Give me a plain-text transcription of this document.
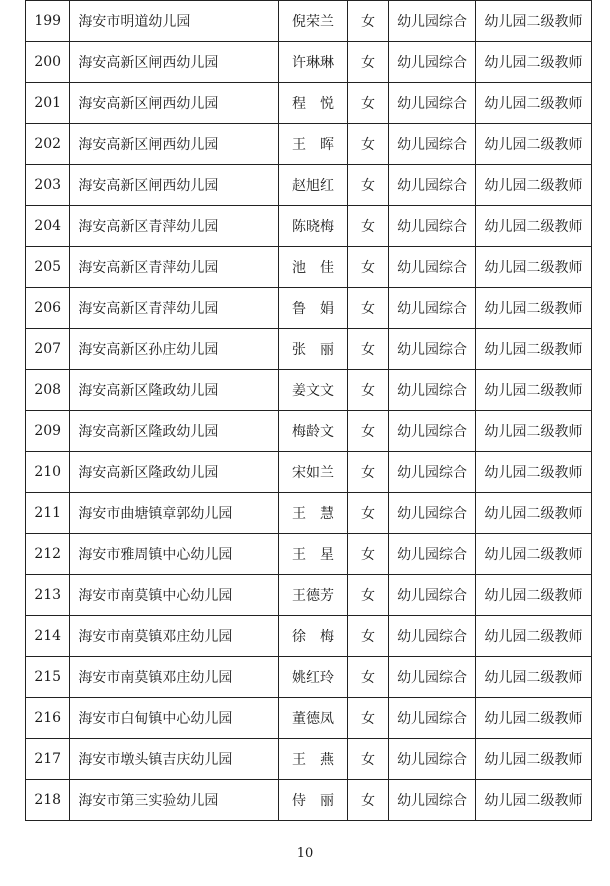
199	海安市明道幼儿园	倪荣兰	女	幼儿园综合	幼儿园二级教师
200	海安高新区闸西幼儿园	许琳琳	女	幼儿园综合	幼儿园二级教师
201	海安高新区闸西幼儿园	程　悦	女	幼儿园综合	幼儿园二级教师
202	海安高新区闸西幼儿园	王　晖	女	幼儿园综合	幼儿园二级教师
203	海安高新区闸西幼儿园	赵旭红	女	幼儿园综合	幼儿园二级教师
204	海安高新区青萍幼儿园	陈晓梅	女	幼儿园综合	幼儿园二级教师
205	海安高新区青萍幼儿园	池　佳	女	幼儿园综合	幼儿园二级教师
206	海安高新区青萍幼儿园	鲁　娟	女	幼儿园综合	幼儿园二级教师
207	海安高新区孙庄幼儿园	张　丽	女	幼儿园综合	幼儿园二级教师
208	海安高新区隆政幼儿园	姜文文	女	幼儿园综合	幼儿园二级教师
209	海安高新区隆政幼儿园	梅龄文	女	幼儿园综合	幼儿园二级教师
210	海安高新区隆政幼儿园	宋如兰	女	幼儿园综合	幼儿园二级教师
211	海安市曲塘镇章郭幼儿园	王　慧	女	幼儿园综合	幼儿园二级教师
212	海安市雅周镇中心幼儿园	王　星	女	幼儿园综合	幼儿园二级教师
213	海安市南莫镇中心幼儿园	王德芳	女	幼儿园综合	幼儿园二级教师
214	海安市南莫镇邓庄幼儿园	徐　梅	女	幼儿园综合	幼儿园二级教师
215	海安市南莫镇邓庄幼儿园	姚红玲	女	幼儿园综合	幼儿园二级教师
216	海安市白甸镇中心幼儿园	董德凤	女	幼儿园综合	幼儿园二级教师
217	海安市墩头镇吉庆幼儿园	王　燕	女	幼儿园综合	幼儿园二级教师
218	海安市第三实验幼儿园	侍　丽	女	幼儿园综合	幼儿园二级教师
10
